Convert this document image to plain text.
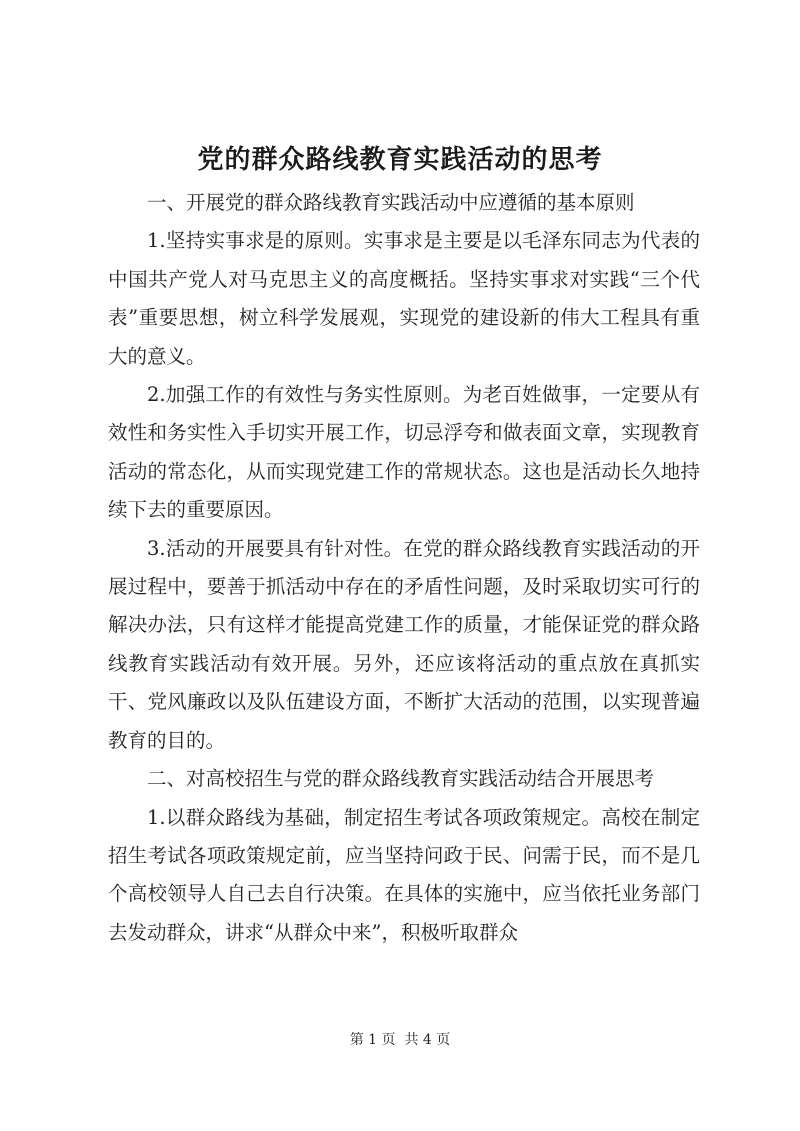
党的群众路线教育实践活动的思考

一、开展党的群众路线教育实践活动中应遵循的基本原则

1.坚持实事求是的原则。实事求是主要是以毛泽东同志为代表的中国共产党人对马克思主义的高度概括。坚持实事求对实践“三个代表”重要思想，树立科学发展观，实现党的建设新的伟大工程具有重大的意义。

2.加强工作的有效性与务实性原则。为老百姓做事，一定要从有效性和务实性入手切实开展工作，切忌浮夸和做表面文章，实现教育活动的常态化，从而实现党建工作的常规状态。这也是活动长久地持续下去的重要原因。

3.活动的开展要具有针对性。在党的群众路线教育实践活动的开展过程中，要善于抓活动中存在的矛盾性问题，及时采取切实可行的解决办法，只有这样才能提高党建工作的质量，才能保证党的群众路线教育实践活动有效开展。另外，还应该将活动的重点放在真抓实干、党风廉政以及队伍建设方面，不断扩大活动的范围，以实现普遍教育的目的。

二、对高校招生与党的群众路线教育实践活动结合开展思考

1.以群众路线为基础，制定招生考试各项政策规定。高校在制定招生考试各项政策规定前，应当坚持问政于民、问需于民，而不是几个高校领导人自己去自行决策。在具体的实施中，应当依托业务部门去发动群众，讲求“从群众中来”，积极听取群众

第 1 页  共 4 页
